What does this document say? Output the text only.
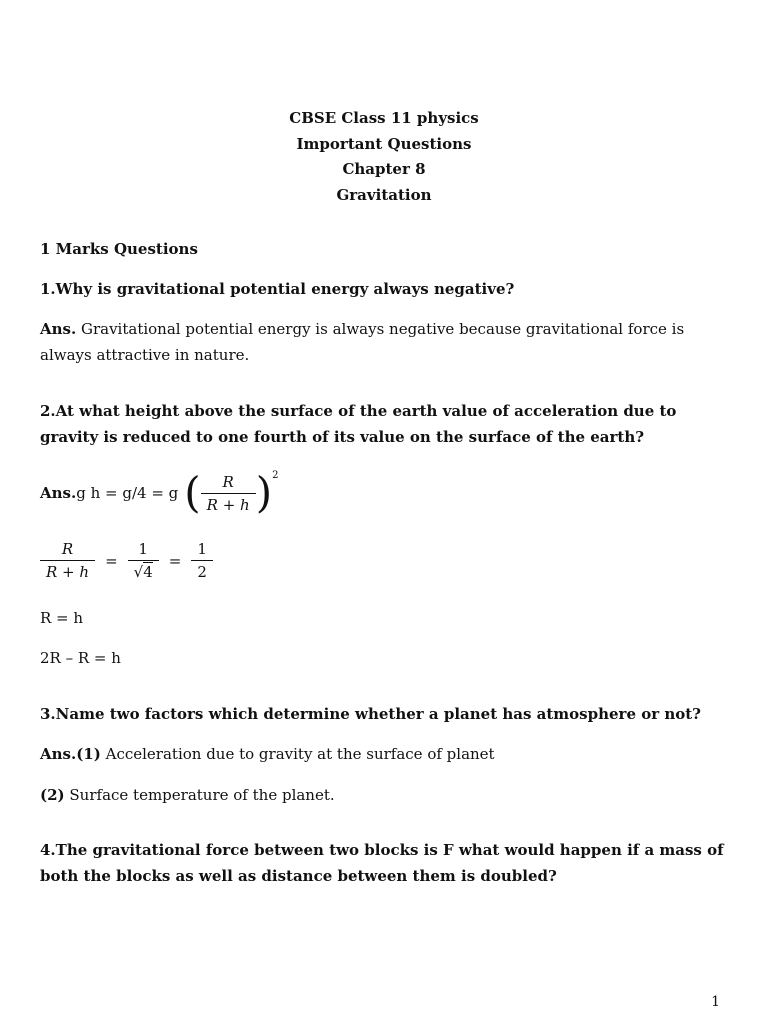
CBSE Class 11 physics
Important Questions
Chapter 8
Gravitation
1 Marks Questions
1.Why is gravitational potential energy always negative?
Ans. Gravitational potential energy is always negative because gravitational force is always attractive in nature.
2.At what height above the surface of the earth value of acceleration due to gravity is reduced to one fourth of its value on the surface of the earth?
Ans. g h = g/4 = g ( $\frac{R}{R + h} )^2$
$\frac{R}{R + h} = \frac{1}{√4} = \frac{1}{2}$
R = h
2R – R = h
3.Name two factors which determine whether a planet has atmosphere or not?
Ans.(1) Acceleration due to gravity at the surface of planet
(2) Surface temperature of the planet.
4.The gravitational force between two blocks is F what would happen if a mass of both the blocks as well as distance between them is doubled?
1
